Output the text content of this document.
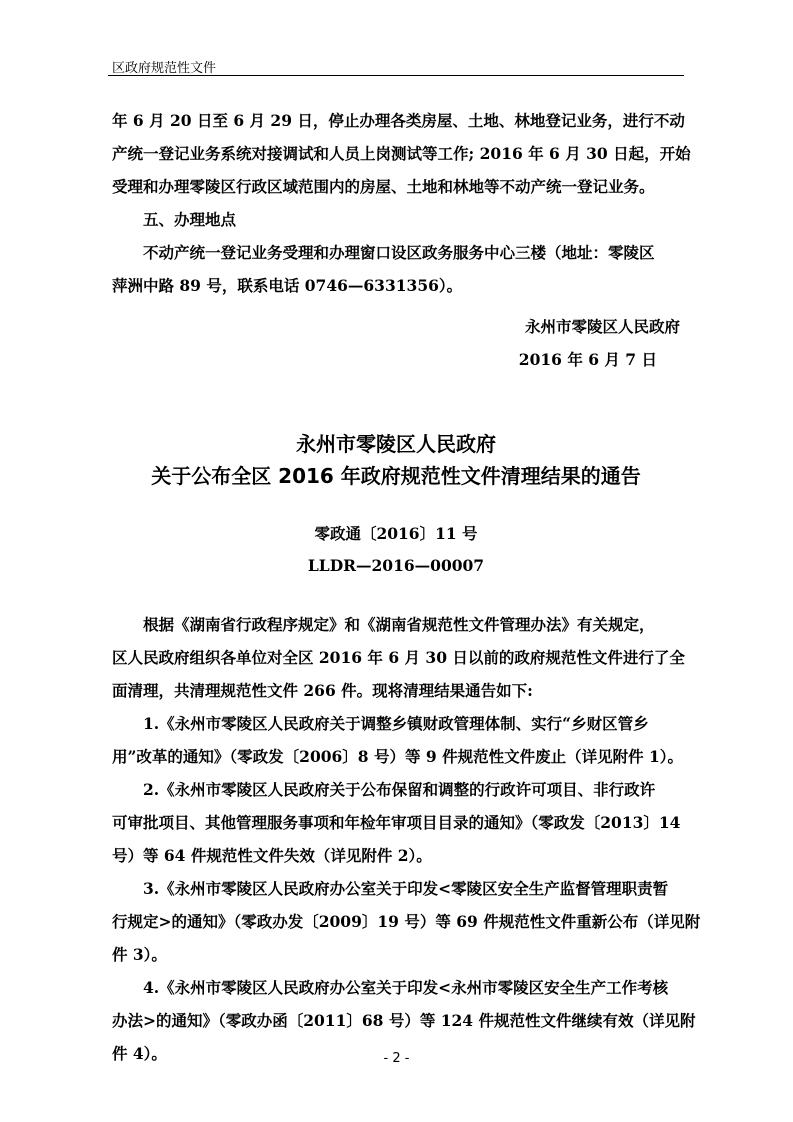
区政府规范性文件

年 6 月 20 日至 6 月 29 日，停止办理各类房屋、土地、林地登记业务，进行不动

产统一登记业务系统对接调试和人员上岗测试等工作; 2016 年 6 月 30 日起，开始

受理和办理零陵区行政区域范围内的房屋、土地和林地等不动产统一登记业务。

五、办理地点

不动产统一登记业务受理和办理窗口设区政务服务中心三楼（地址：零陵区

萍洲中路 89 号，联系电话 0746—6331356）。

永州市零陵区人民政府

2016 年 6 月 7 日

永州市零陵区人民政府

关于公布全区 2016 年政府规范性文件清理结果的通告

零政通〔2016〕11 号

LLDR—2016—00007

根据《湖南省行政程序规定》和《湖南省规范性文件管理办法》有关规定，

区人民政府组织各单位对全区 2016 年 6 月 30 日以前的政府规范性文件进行了全

面清理，共清理规范性文件 266 件。现将清理结果通告如下:

1.《永州市零陵区人民政府关于调整乡镇财政管理体制、实行“乡财区管乡

用”改革的通知》（零政发〔2006〕8 号）等 9 件规范性文件废止（详见附件 1）。

2.《永州市零陵区人民政府关于公布保留和调整的行政许可项目、非行政许

可审批项目、其他管理服务事项和年检年审项目目录的通知》（零政发〔2013〕14

号）等 64 件规范性文件失效（详见附件 2）。

3.《永州市零陵区人民政府办公室关于印发<零陵区安全生产监督管理职责暂

行规定>的通知》（零政办发〔2009〕19 号）等 69 件规范性文件重新公布（详见附

件 3）。

4.《永州市零陵区人民政府办公室关于印发<永州市零陵区安全生产工作考核

办法>的通知》（零政办函〔2011〕68 号）等 124 件规范性文件继续有效（详见附

件 4）。	- 2 -
